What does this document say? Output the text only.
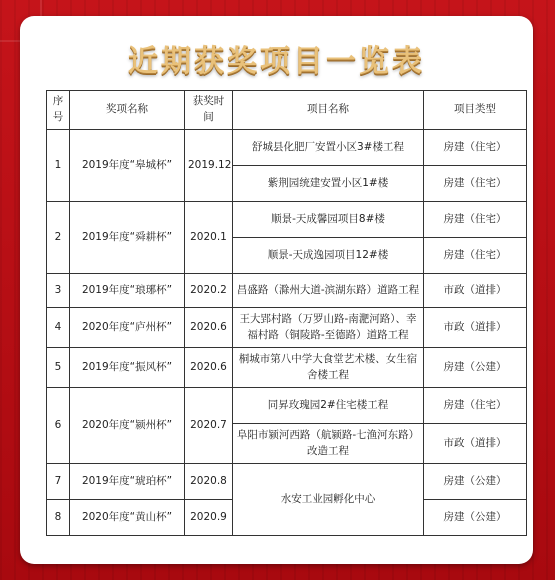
近期获奖项目一览表
序号	奖项名称	获奖时间	项目名称	项目类型
1	2019年度“皋城杯”	2019.12	舒城县化肥厂安置小区3#楼工程	房建（住宅）
			紫荆园统建安置小区1#楼	房建（住宅）
2	2019年度“舜耕杯”	2020.1	顺景-天成馨园项目8#楼	房建（住宅）
			顺景-天成逸园项目12#楼	房建（住宅）
3	2019年度“琅琊杯”	2020.2	昌盛路（滁州大道-滨湖东路）道路工程	市政（道排）
4	2020年度“庐州杯”	2020.6	王大郢村路（万罗山路-南淝河路）、幸福村路（铜陵路-至德路）道路工程	市政（道排）
5	2019年度“振风杯”	2020.6	桐城市第八中学大食堂艺术楼、女生宿舍楼工程	房建（公建）
6	2020年度“颍州杯”	2020.7	同昇玫瑰园2#住宅楼工程	房建（住宅）
			阜阳市颍河西路（航颍路-七渔河东路）改造工程	市政（道排）
7	2019年度“琥珀杯”	2020.8	水安工业园孵化中心	房建（公建）
8	2020年度“黄山杯”	2020.9		房建（公建）
